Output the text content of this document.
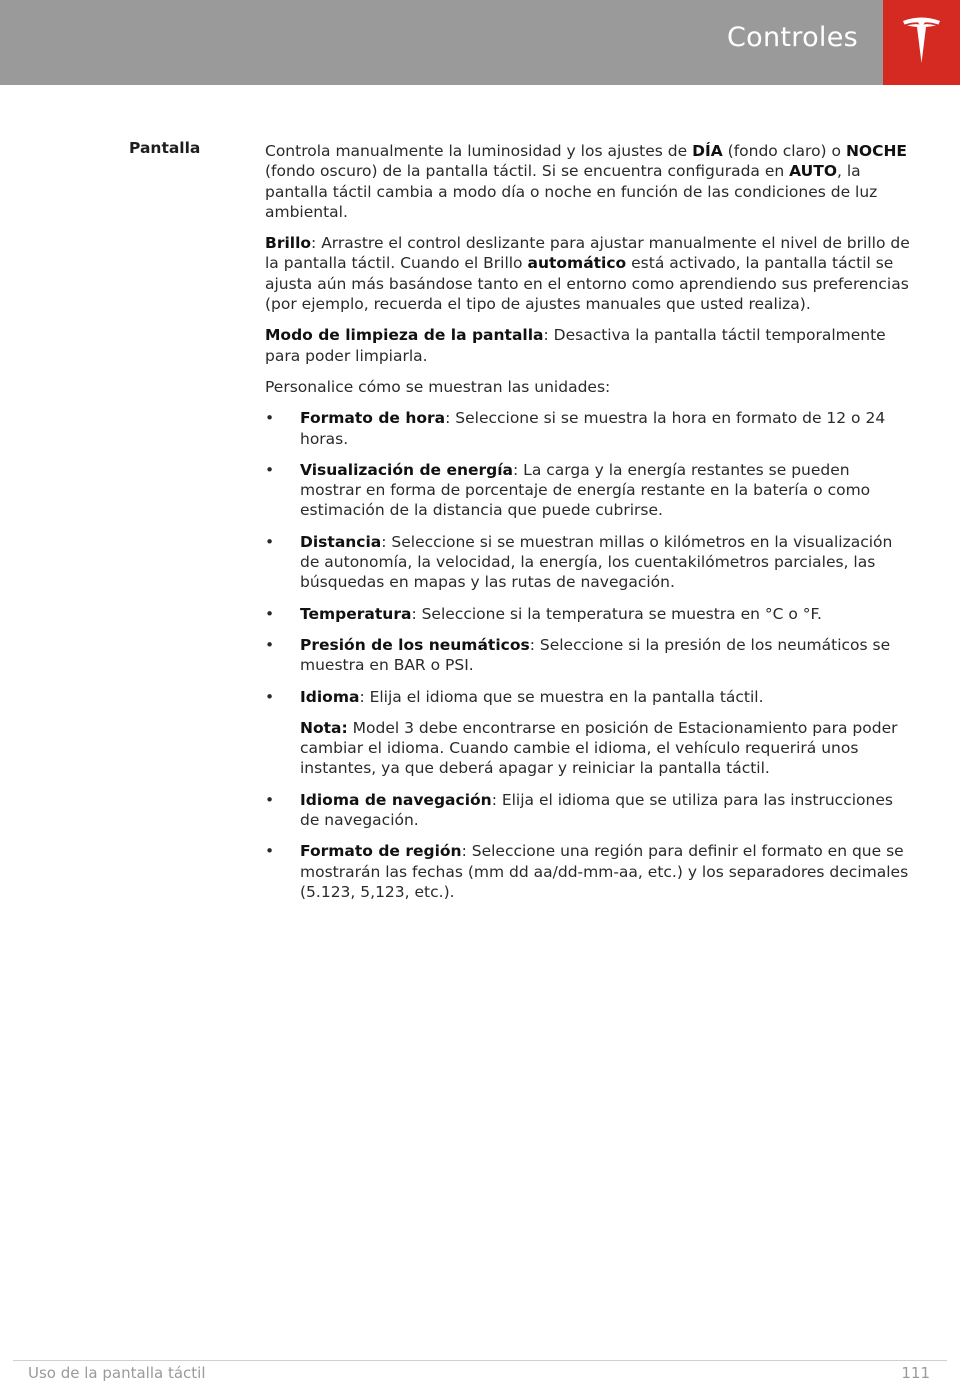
Controles
Pantalla	Controla manualmente la luminosidad y los ajustes de DÍA (fondo claro) o NOCHE (fondo oscuro) de la pantalla táctil. Si se encuentra configurada en AUTO, la pantalla táctil cambia a modo día o noche en función de las condiciones de luz ambiental.

Brillo: Arrastre el control deslizante para ajustar manualmente el nivel de brillo de la pantalla táctil. Cuando el Brillo automático está activado, la pantalla táctil se ajusta aún más basándose tanto en el entorno como aprendiendo sus preferencias (por ejemplo, recuerda el tipo de ajustes manuales que usted realiza).

Modo de limpieza de la pantalla: Desactiva la pantalla táctil temporalmente para poder limpiarla.

Personalice cómo se muestran las unidades:

• Formato de hora: Seleccione si se muestra la hora en formato de 12 o 24 horas.
• Visualización de energía: La carga y la energía restantes se pueden mostrar en forma de porcentaje de energía restante en la batería o como estimación de la distancia que puede cubrirse.
• Distancia: Seleccione si se muestran millas o kilómetros en la visualización de autonomía, la velocidad, la energía, los cuentakilómetros parciales, las búsquedas en mapas y las rutas de navegación.
• Temperatura: Seleccione si la temperatura se muestra en °C o °F.
• Presión de los neumáticos: Seleccione si la presión de los neumáticos se muestra en BAR o PSI.
• Idioma: Elija el idioma que se muestra en la pantalla táctil.

Nota: Model 3 debe encontrarse en posición de Estacionamiento para poder cambiar el idioma. Cuando cambie el idioma, el vehículo requerirá unos instantes, ya que deberá apagar y reiniciar la pantalla táctil.

• Idioma de navegación: Elija el idioma que se utiliza para las instrucciones de navegación.
• Formato de región: Seleccione una región para definir el formato en que se mostrarán las fechas (mm dd aa/dd-mm-aa, etc.) y los separadores decimales (5.123, 5,123, etc.).
Uso de la pantalla táctil	111
